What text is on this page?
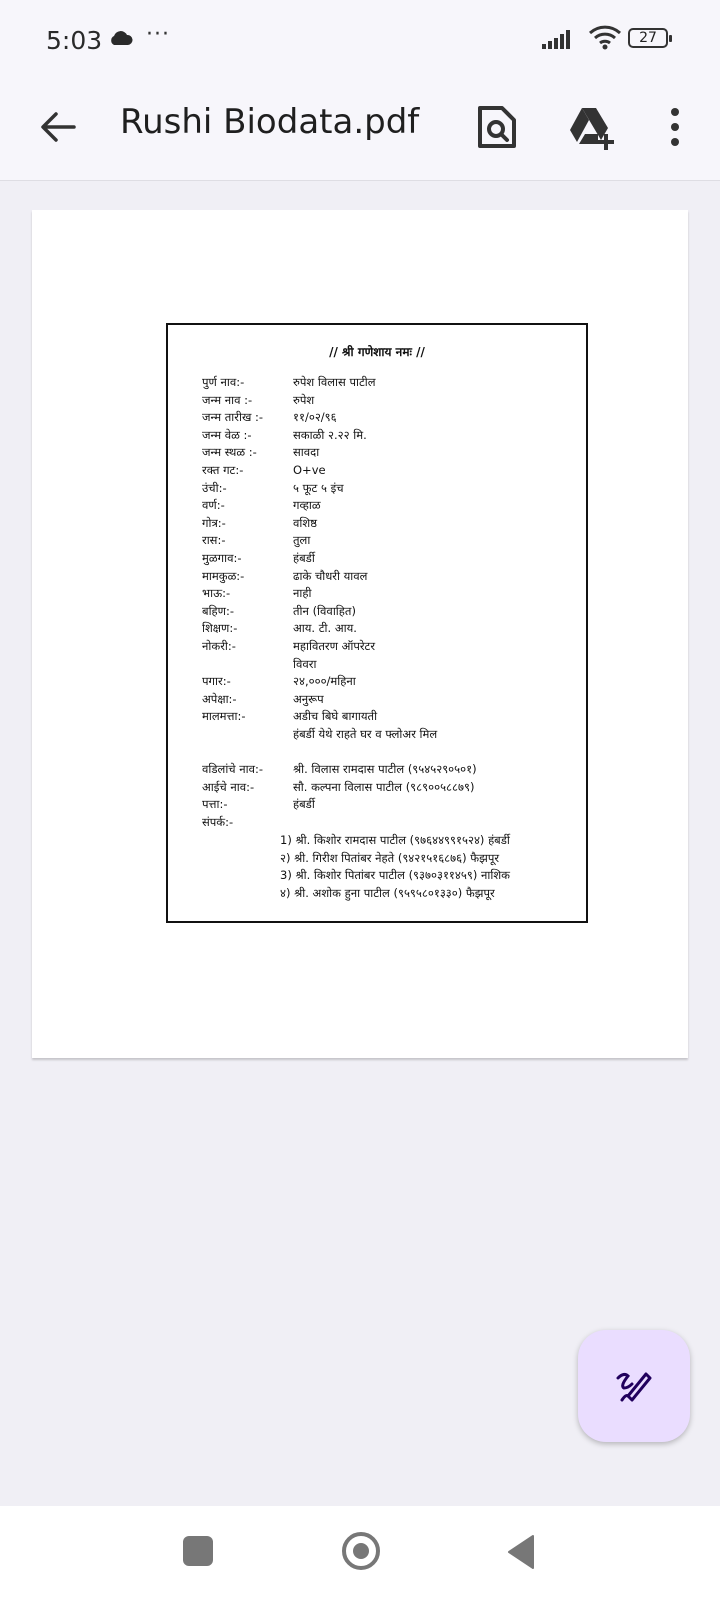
5:03 ···	27
Rushi Biodata.pdf
// श्री गणेशाय नमः //
पुर्ण नाव:-	रुपेश विलास पाटील
जन्म नाव :-	रुपेश
जन्म तारीख :-	११/०२/९६
जन्म वेळ :-	सकाळी २.२२ मि.
जन्म स्थळ :-	सावदा
रक्त गट:-	O+ve
उंची:-	५ फूट ५ इंच
वर्ण:-	गव्हाळ
गोत्र:-	वशिष्ठ
रास:-	तुला
मुळगाव:-	हंबर्डी
मामकुळ:-	ढाके चौधरी यावल
भाऊ:-	नाही
बहिण:-	तीन (विवाहित)
शिक्षण:-	आय. टी. आय.
नोकरी:-	महावितरण ऑपरेटर
विवरा
पगार:-	२४,०००/महिना
अपेक्षा:-	अनुरूप
मालमत्ता:-	अडीच बिघे बागायती
हंबर्डी येथे राहते घर व फ्लोअर मिल
वडिलांचे नाव:-	श्री. विलास रामदास पाटील (९५४५२९०५०१)
आईचे नाव:-	सौ. कल्पना विलास पाटील (९८९००५८८७९)
पत्ता:-	हंबर्डी
संपर्क:-
1) श्री. किशोर रामदास पाटील (९७६४४९९१५२४) हंबर्डी
२) श्री. गिरीश पितांबर नेहते (९४२१५१६८७६) फैझपूर
3) श्री. किशोर पितांबर पाटील (९३७०३११४५९) नाशिक
४) श्री. अशोक हुना पाटील (९५९५८०१३३०) फैझपूर
